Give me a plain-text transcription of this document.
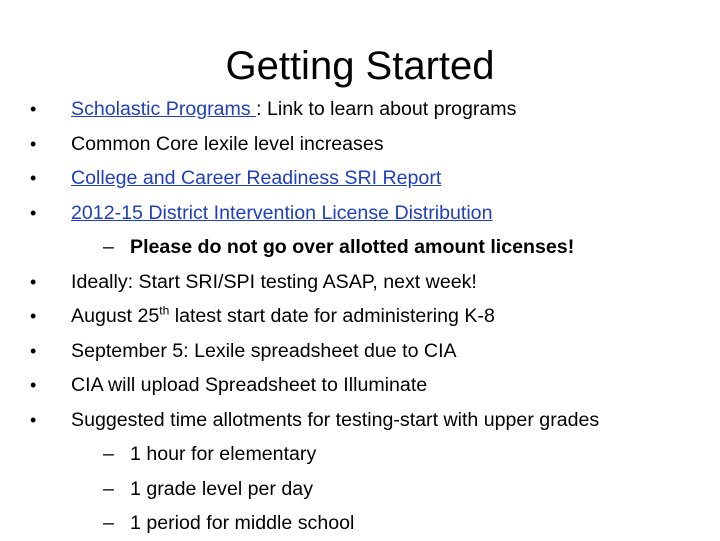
Getting Started
• Scholastic Programs : Link to learn about programs
• Common Core lexile level increases
• College and Career Readiness SRI Report
• 2012-15 District Intervention License Distribution
– Please do not go over allotted amount licenses!
• Ideally: Start SRI/SPI testing ASAP, next week!
• August 25th latest start date for administering K-8
• September 5: Lexile spreadsheet due to CIA
• CIA will upload Spreadsheet to Illuminate
• Suggested time allotments for testing-start with upper grades
– 1 hour for elementary
– 1 grade level per day
– 1 period for middle school
